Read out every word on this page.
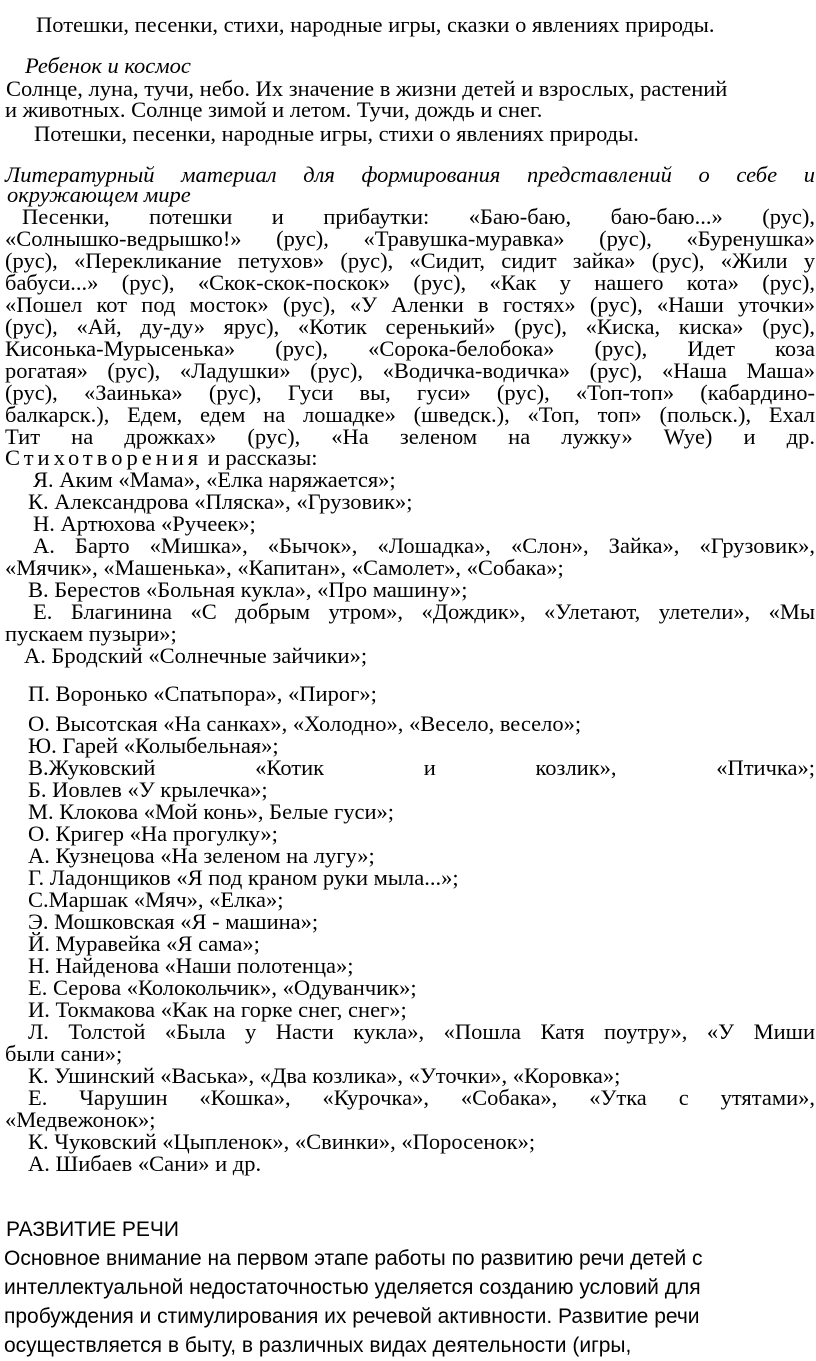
Потешки, песенки, стихи, народные игры, сказки о явлениях природы.
Ребенок и космос
Солнце, луна, тучи, небо. Их значение в жизни детей и взрослых, растений
и животных. Солнце зимой и летом. Тучи, дождь и снег.
Потешки, песенки, народные игры, стихи о явлениях природы.
Литературный материал для формирования представлений о себе и
окружающем мире
Песенки, потешки и прибаутки: «Баю-баю, баю-баю...» (рус),
«Солнышко-ведрышко!» (рус), «Травушка-муравка» (рус), «Буренушка»
(рус), «Перекликание петухов» (рус), «Сидит, сидит зайка» (рус), «Жили у
бабуси...» (рус), «Скок-скок-поскок» (рус), «Как у нашего кота» (рус),
«Пошел кот под мосток» (рус), «У Аленки в гостях» (рус), «Наши уточки»
(рус), «Ай, ду-ду» ярус), «Котик серенький» (рус), «Киска, киска» (рус),
Кисонька-Мурысенька» (рус), «Сорока-белобока» (рус), Идет коза
рогатая» (рус), «Ладушки» (рус), «Водичка-водичка» (рус), «Наша Маша»
(рус), «Заинька» (рус), Гуси вы, гуси» (рус), «Топ-топ» (кабардино-
балкарск.), Едем, едем на лошадке» (шведск.), «Топ, топ» (польск.), Ехал
Тит на дрожках» (рус), «На зеленом на лужку» Wye) и др.
Стихотворения и рассказы:
Я. Аким «Мама», «Елка наряжается»;
К. Александрова «Пляска», «Грузовик»;
Н. Артюхова «Ручеек»;
А. Барто «Мишка», «Бычок», «Лошадка», «Слон», Зайка», «Грузовик»,
«Мячик», «Машенька», «Капитан», «Самолет», «Собака»;
В. Берестов «Больная кукла», «Про машину»;
Е. Благинина «С добрым утром», «Дождик», «Улетают, улетели», «Мы
пускаем пузыри»;
А. Бродский «Солнечные зайчики»;
П. Воронько «Спатьпора», «Пирог»;
О. Высотская «На санках», «Холодно», «Весело, весело»;
Ю. Гарей «Колыбельная»;
В.Жуковский «Котик и козлик», «Птичка»;
Б. Иовлев «У крылечка»;
М. Клокова «Мой конь», Белые гуси»;
О. Кригер «На прогулку»;
А. Кузнецова «На зеленом на лугу»;
Г. Ладонщиков «Я под краном руки мыла...»;
С.Маршак «Мяч», «Елка»;
Э. Мошковская «Я - машина»;
Й. Муравейка «Я сама»;
Н. Найденова «Наши полотенца»;
Е. Серова «Колокольчик», «Одуванчик»;
И. Токмакова «Как на горке снег, снег»;
Л. Толстой «Была у Насти кукла», «Пошла Катя поутру», «У Миши
были сани»;
К. Ушинский «Васька», «Два козлика», «Уточки», «Коровка»;
Е. Чарушин «Кошка», «Курочка», «Собака», «Утка с утятами»,
«Медвежонок»;
К. Чуковский «Цыпленок», «Свинки», «Поросенок»;
А. Шибаев «Сани» и др.
РАЗВИТИЕ РЕЧИ
Основное внимание на первом этапе работы по развитию речи детей с
интеллектуальной недостаточностью уделяется созданию условий для
пробуждения и стимулирования их речевой активности. Развитие речи
осуществляется в быту, в различных видах деятельности (игры,
